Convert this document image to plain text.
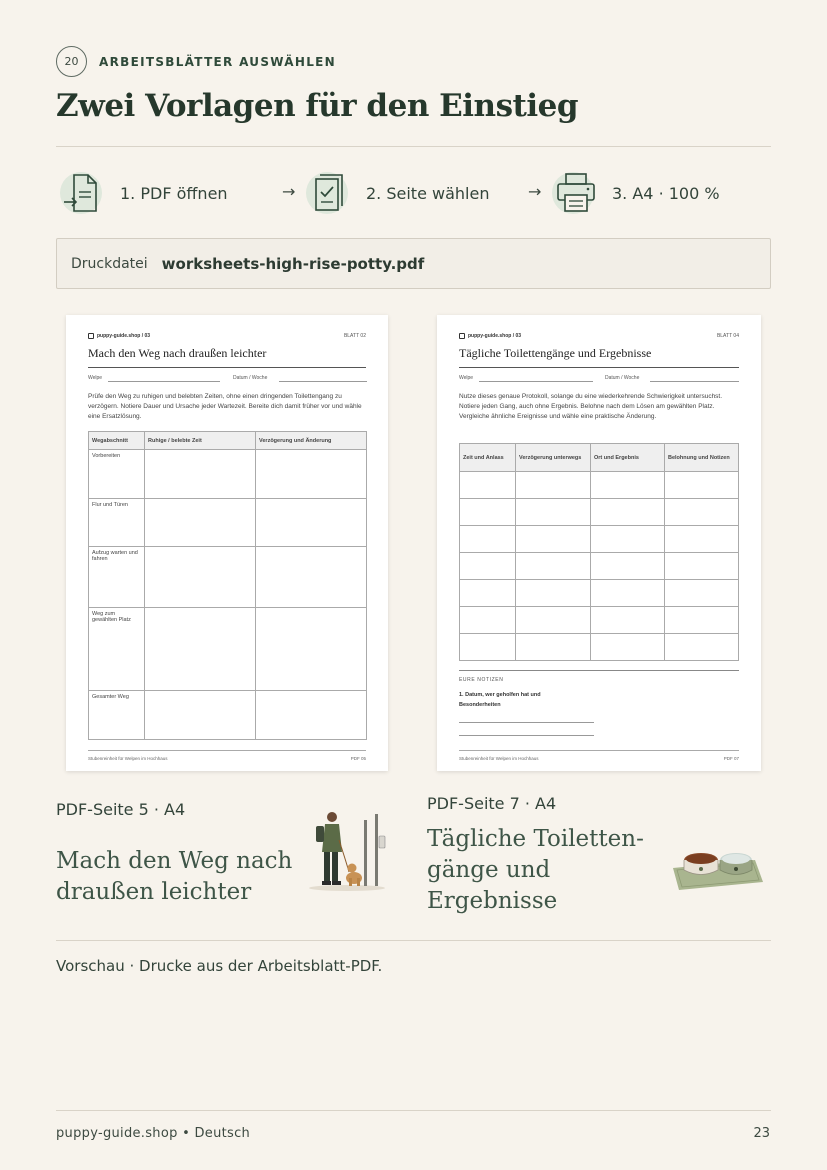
20	ARBEITSBLÄTTER AUSWÄHLEN
Zwei Vorlagen für den Einstieg
1. PDF öffnen	→	2. Seite wählen →	3. A4 · 100 %
Druckdatei worksheets-high-rise-potty.pdf
puppy-guide.shop / 03	BLATT 02
Mach den Weg nach draußen leichter
Welpe	Datum / Woche
Prüfe den Weg zu ruhigen und belebten Zeiten, ohne einen dringenden Toilettengang zu verzögern. Notiere Dauer und Ursache jeder Wartezeit. Bereite dich damit früher vor und wähle eine Ersatzlösung.
Wegabschnitt	Ruhige / belebte Zeit	Verzögerung und Änderung
Vorbereiten		
Flur und Türen		
Aufzug warten und fahren		
Weg zum gewählten Platz		
Gesamter Weg		
Stubenreinheit für Welpen im Hochhaus	PDF 05
puppy-guide.shop / 03	BLATT 04
Tägliche Toilettengänge und Ergebnisse
Welpe	Datum / Woche
Nutze dieses genaue Protokoll, solange du eine wiederkehrende Schwierigkeit untersuchst. Notiere jeden Gang, auch ohne Ergebnis. Belohne nach dem Lösen am gewählten Platz. Vergleiche ähnliche Ereignisse und wähle eine praktische Änderung.
Zeit und Anlass	Verzögerung unterwegs	Ort und Ergebnis	Belohnung und Notizen

EURE NOTIZEN
1. Datum, wer geholfen hat und Besonderheiten
Stubenreinheit für Welpen im Hochhaus	PDF 07
PDF-Seite 5 · A4
Mach den Weg nach draußen leichter
PDF-Seite 7 · A4
Tägliche Toiletten-gänge und Ergebnisse
Vorschau · Drucke aus der Arbeitsblatt-PDF.
puppy-guide.shop • Deutsch	23
